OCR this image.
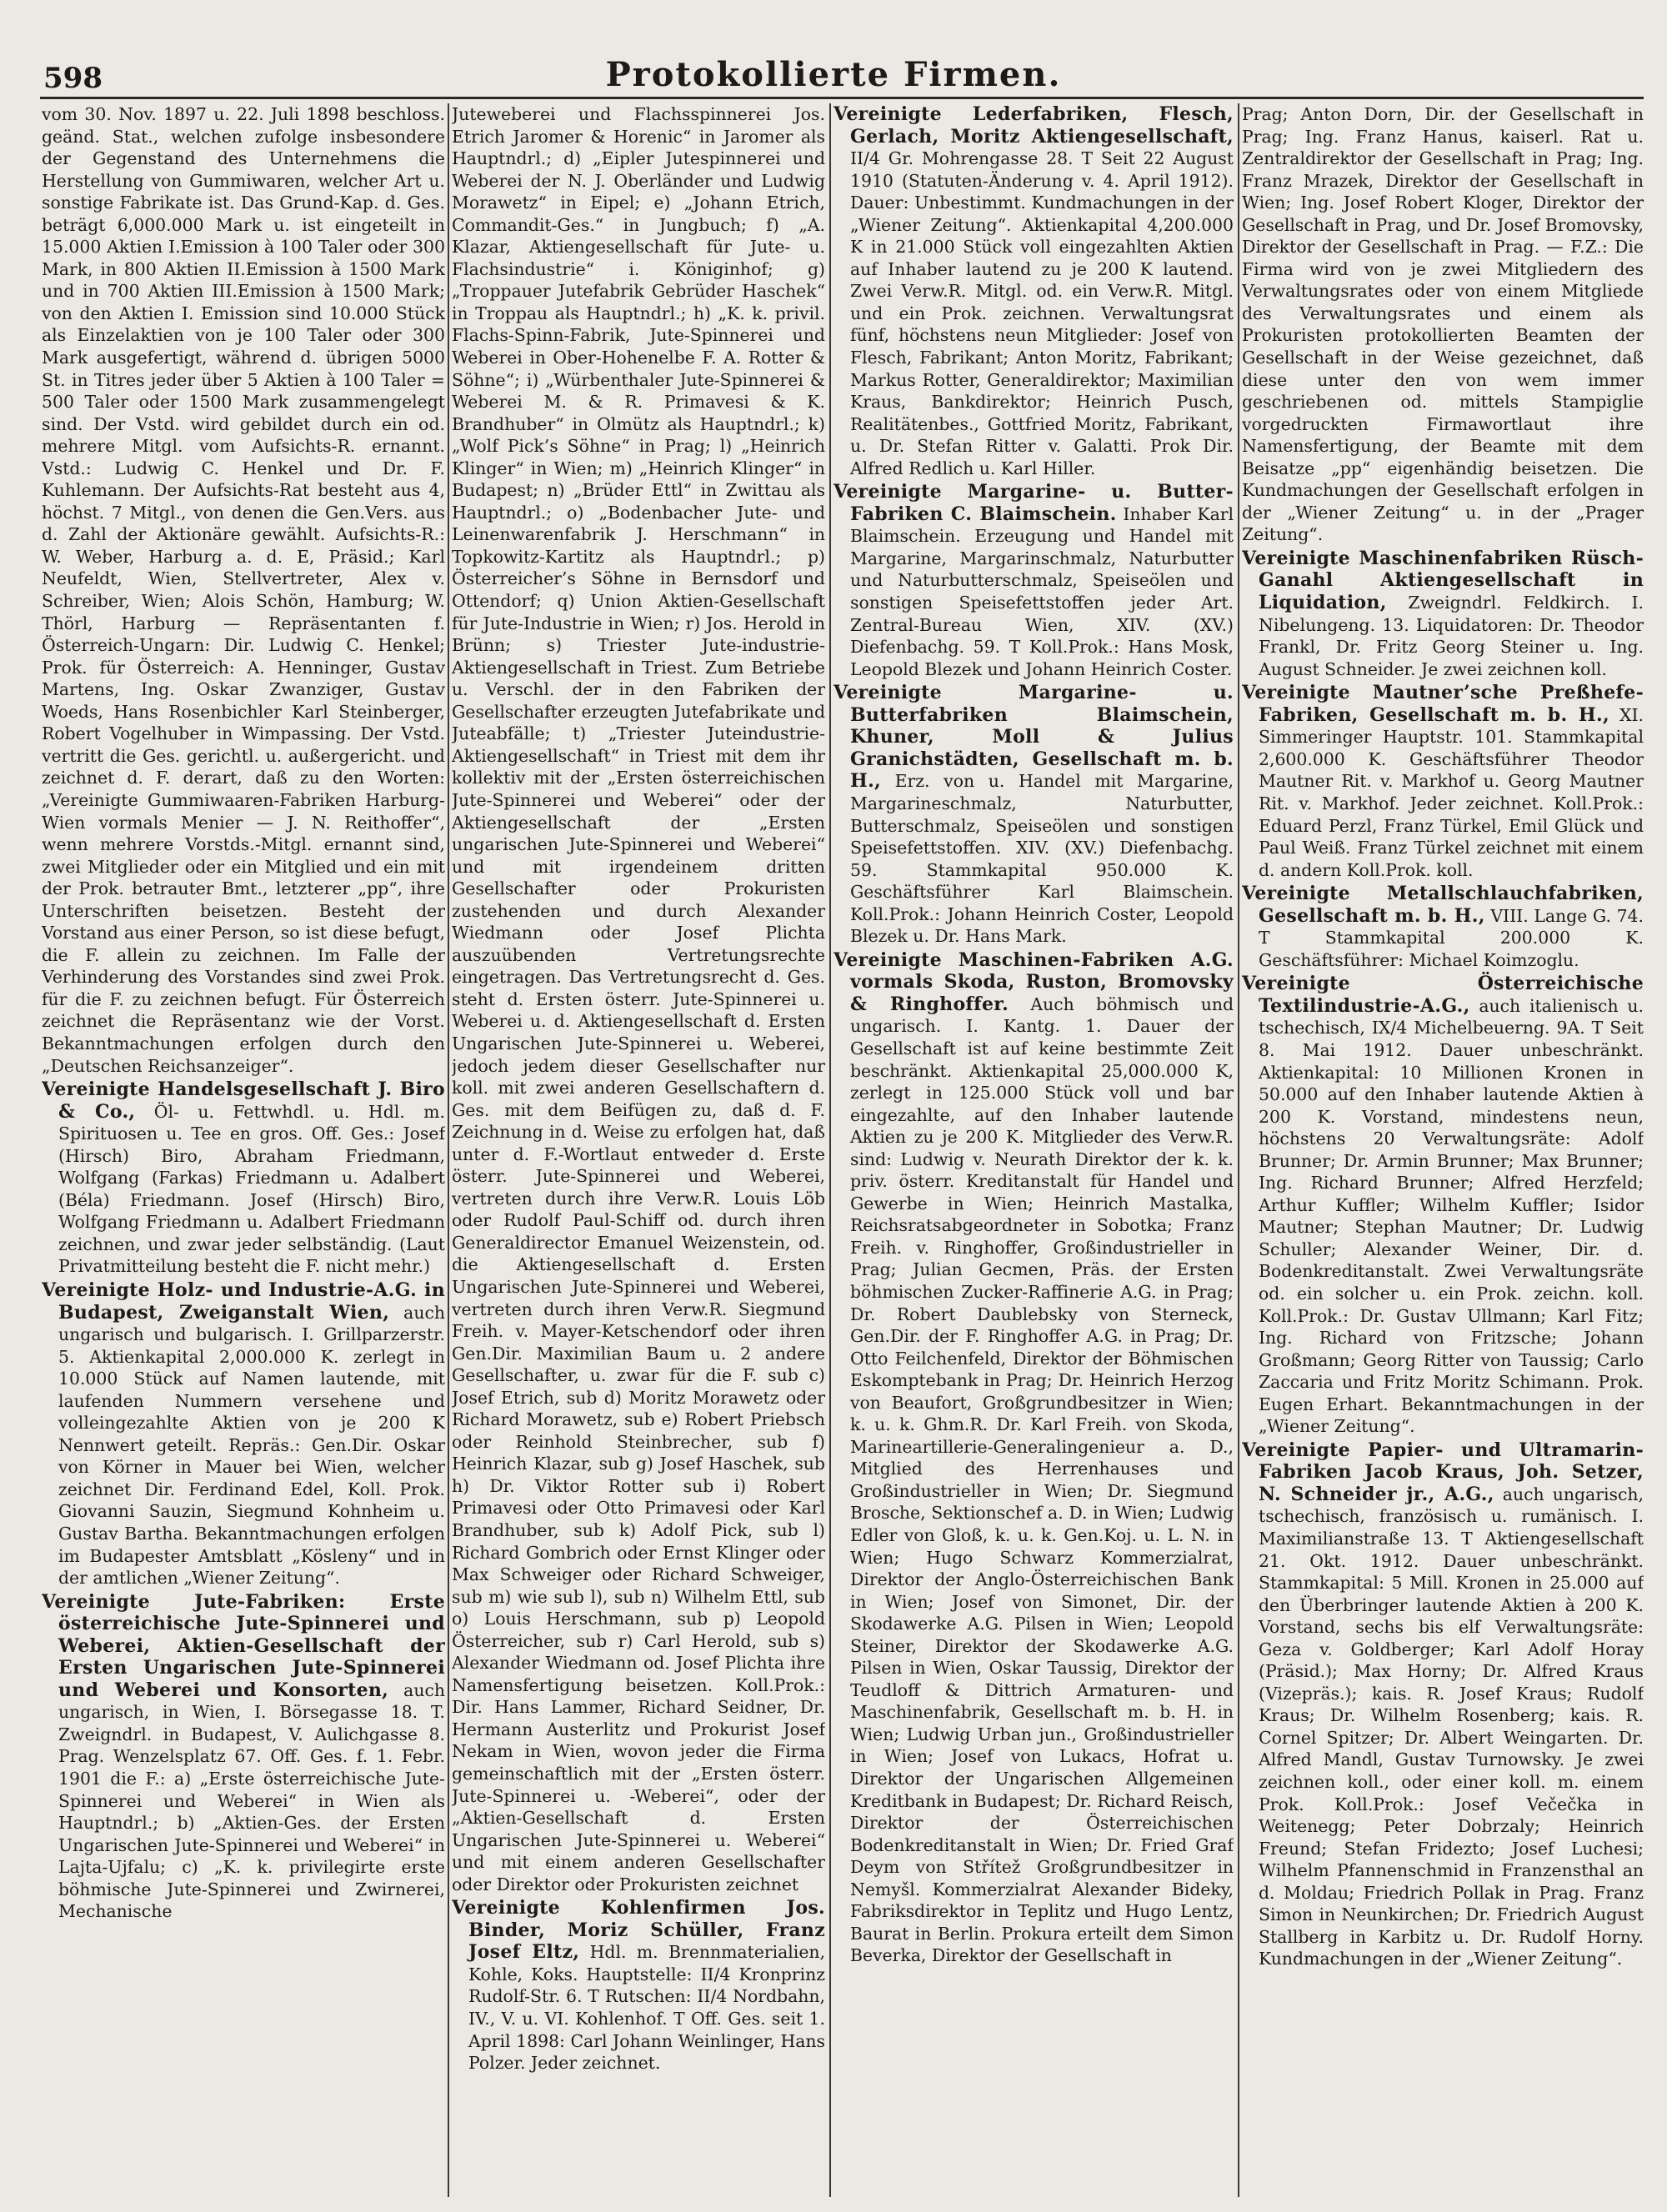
598	Protokollierte Firmen.

vom 30. Nov. 1897 u. 22. Juli 1898 beschloss. geänd. Stat., welchen zufolge insbesondere der Gegenstand des Unternehmens die Herstellung von Gummiwaren, welcher Art u. sonstige Fabrikate ist. Das Grund-Kap. d. Ges. beträgt 6,000.000 Mark u. ist eingeteilt in 15.000 Aktien I.Emission à 100 Taler oder 300 Mark, in 800 Aktien II.Emission à 1500 Mark und in 700 Aktien III.Emission à 1500 Mark; von den Aktien I. Emission sind 10.000 Stück als Einzelaktien von je 100 Taler oder 300 Mark ausgefertigt, während d. übrigen 5000 St. in Titres jeder über 5 Aktien à 100 Taler = 500 Taler oder 1500 Mark zusammengelegt sind. Der Vstd. wird gebildet durch ein od. mehrere Mitgl. vom Aufsichts-R. ernannt. Vstd.: Ludwig C. Henkel und Dr. F. Kuhlemann. Der Aufsichts-Rat besteht aus 4, höchst. 7 Mitgl., von denen die Gen.Vers. aus d. Zahl der Aktionäre gewählt. Aufsichts-R.: W. Weber, Harburg a. d. E, Präsid.; Karl Neufeldt, Wien, Stellvertreter, Alex v. Schreiber, Wien; Alois Schön, Hamburg; W. Thörl, Harburg — Repräsentanten f. Österreich-Ungarn: Dir. Ludwig C. Henkel; Prok. für Österreich: A. Henninger, Gustav Martens, Ing. Oskar Zwanziger, Gustav Woeds, Hans Rosenbichler Karl Steinberger, Robert Vogelhuber in Wimpassing. Der Vstd. vertritt die Ges. gerichtl. u. außergericht. und zeichnet d. F. derart, daß zu den Worten: „Vereinigte Gummiwaaren-Fabriken Harburg-Wien vormals Menier — J. N. Reithoffer“, wenn mehrere Vorstds.-Mitgl. ernannt sind, zwei Mitglieder oder ein Mitglied und ein mit der Prok. betrauter Bmt., letzterer „pp“, ihre Unterschriften beisetzen. Besteht der Vorstand aus einer Person, so ist diese befugt, die F. allein zu zeichnen. Im Falle der Verhinderung des Vorstandes sind zwei Prok. für die F. zu zeichnen befugt. Für Österreich zeichnet die Repräsentanz wie der Vorst. Bekanntmachungen erfolgen durch den „Deutschen Reichsanzeiger“.

Vereinigte Handelsgesellschaft J. Biro & Co., Öl- u. Fettwhdl. u. Hdl. m. Spirituosen u. Tee en gros. Off. Ges.: Josef (Hirsch) Biro, Abraham Friedmann, Wolfgang (Farkas) Friedmann u. Adalbert (Béla) Friedmann. Josef (Hirsch) Biro, Wolfgang Friedmann u. Adalbert Friedmann zeichnen, und zwar jeder selbständig. (Laut Privatmitteilung besteht die F. nicht mehr.)

Vereinigte Holz- und Industrie-A.G. in Budapest, Zweiganstalt Wien, auch ungarisch und bulgarisch. I. Grillparzerstr. 5. Aktienkapital 2,000.000 K. zerlegt in 10.000 Stück auf Namen lautende, mit laufenden Nummern versehene und volleingezahlte Aktien von je 200 K Nennwert geteilt. Repräs.: Gen.Dir. Oskar von Körner in Mauer bei Wien, welcher zeichnet Dir. Ferdinand Edel, Koll. Prok. Giovanni Sauzin, Siegmund Kohnheim u. Gustav Bartha. Bekanntmachungen erfolgen im Budapester Amtsblatt „Kösleny“ und in der amtlichen „Wiener Zeitung“.

Vereinigte Jute-Fabriken: Erste österreichische Jute-Spinnerei und Weberei, Aktien-Gesellschaft der Ersten Ungarischen Jute-Spinnerei und Weberei und Konsorten, auch ungarisch, in Wien, I. Börsegasse 18. T. Zweigndrl. in Budapest, V. Aulichgasse 8. Prag. Wenzelsplatz 67. Off. Ges. f. 1. Febr. 1901 die F.: a) „Erste österreichische Jute-Spinnerei und Weberei“ in Wien als Hauptndrl.; b) „Aktien-Ges. der Ersten Ungarischen Jute-Spinnerei und Weberei“ in Lajta-Ujfalu; c) „K. k. privilegirte erste böhmische Jute-Spinnerei und Zwirnerei, Mechanische

Juteweberei und Flachsspinnerei Jos. Etrich Jaromer & Horenic“ in Jaromer als Hauptndrl.; d) „Eipler Jutespinnerei und Weberei der N. J. Oberländer und Ludwig Morawetz“ in Eipel; e) „Johann Etrich, Commandit-Ges.“ in Jungbuch; f) „A. Klazar, Aktiengesellschaft für Jute- u. Flachsindustrie“ i. Königinhof; g) „Troppauer Jutefabrik Gebrüder Haschek“ in Troppau als Hauptndrl.; h) „K. k. privil. Flachs-Spinn-Fabrik, Jute-Spinnerei und Weberei in Ober-Hohenelbe F. A. Rotter & Söhne“; i) „Würbenthaler Jute-Spinnerei & Weberei M. & R. Primavesi & K. Brandhuber“ in Olmütz als Hauptndrl.; k) „Wolf Pick’s Söhne“ in Prag; l) „Heinrich Klinger“ in Wien; m) „Heinrich Klinger“ in Budapest; n) „Brüder Ettl“ in Zwittau als Hauptndrl.; o) „Bodenbacher Jute- und Leinenwarenfabrik J. Herschmann“ in Topkowitz-Kartitz als Hauptndrl.; p) Österreicher’s Söhne in Bernsdorf und Ottendorf; q) Union Aktien-Gesellschaft für Jute-Industrie in Wien; r) Jos. Herold in Brünn; s) Triester Jute-industrie-Aktiengesellschaft in Triest. Zum Betriebe u. Verschl. der in den Fabriken der Gesellschafter erzeugten Jutefabrikate und Juteabfälle; t) „Triester Juteindustrie-Aktiengesellschaft“ in Triest mit dem ihr kollektiv mit der „Ersten österreichischen Jute-Spinnerei und Weberei“ oder der Aktiengesellschaft der „Ersten ungarischen Jute-Spinnerei und Weberei“ und mit irgendeinem dritten Gesellschafter oder Prokuristen zustehenden und durch Alexander Wiedmann oder Josef Plichta auszuübenden Vertretungsrechte eingetragen. Das Vertretungsrecht d. Ges. steht d. Ersten österr. Jute-Spinnerei u. Weberei u. d. Aktiengesellschaft d. Ersten Ungarischen Jute-Spinnerei u. Weberei, jedoch jedem dieser Gesellschafter nur koll. mit zwei anderen Gesellschaftern d. Ges. mit dem Beifügen zu, daß d. F. Zeichnung in d. Weise zu erfolgen hat, daß unter d. F.-Wortlaut entweder d. Erste österr. Jute-Spinnerei und Weberei, vertreten durch ihre Verw.R. Louis Löb oder Rudolf Paul-Schiff od. durch ihren Generaldirector Emanuel Weizenstein, od. die Aktiengesellschaft d. Ersten Ungarischen Jute-Spinnerei und Weberei, vertreten durch ihren Verw.R. Siegmund Freih. v. Mayer-Ketschendorf oder ihren Gen.Dir. Maximilian Baum u. 2 andere Gesellschafter, u. zwar für die F. sub c) Josef Etrich, sub d) Moritz Morawetz oder Richard Morawetz, sub e) Robert Priebsch oder Reinhold Steinbrecher, sub f) Heinrich Klazar, sub g) Josef Haschek, sub h) Dr. Viktor Rotter sub i) Robert Primavesi oder Otto Primavesi oder Karl Brandhuber, sub k) Adolf Pick, sub l) Richard Gombrich oder Ernst Klinger oder Max Schweiger oder Richard Schweiger, sub m) wie sub l), sub n) Wilhelm Ettl, sub o) Louis Herschmann, sub p) Leopold Österreicher, sub r) Carl Herold, sub s) Alexander Wiedmann od. Josef Plichta ihre Namensfertigung beisetzen. Koll.Prok.: Dir. Hans Lammer, Richard Seidner, Dr. Hermann Austerlitz und Prokurist Josef Nekam in Wien, wovon jeder die Firma gemeinschaftlich mit der „Ersten österr. Jute-Spinnerei u. -Weberei“, oder der „Aktien-Gesellschaft d. Ersten Ungarischen Jute-Spinnerei u. Weberei“ und mit einem anderen Gesellschafter oder Direktor oder Prokuristen zeichnet

Vereinigte Kohlenfirmen Jos. Binder, Moriz Schüller, Franz Josef Eltz, Hdl. m. Brennmaterialien, Kohle, Koks. Hauptstelle: II/4 Kronprinz Rudolf-Str. 6. T Rutschen: II/4 Nordbahn, IV., V. u. VI. Kohlenhof. T Off. Ges. seit 1. April 1898: Carl Johann Weinlinger, Hans Polzer. Jeder zeichnet.

Vereinigte Lederfabriken, Flesch, Gerlach, Moritz Aktiengesellschaft, II/4 Gr. Mohrengasse 28. T Seit 22 August 1910 (Statuten-Änderung v. 4. April 1912). Dauer: Unbestimmt. Kundmachungen in der „Wiener Zeitung“. Aktienkapital 4,200.000 K in 21.000 Stück voll eingezahlten Aktien auf Inhaber lautend zu je 200 K lautend. Zwei Verw.R. Mitgl. od. ein Verw.R. Mitgl. und ein Prok. zeichnen. Verwaltungsrat fünf, höchstens neun Mitglieder: Josef von Flesch, Fabrikant; Anton Moritz, Fabrikant; Markus Rotter, Generaldirektor; Maximilian Kraus, Bankdirektor; Heinrich Pusch, Realitätenbes., Gottfried Moritz, Fabrikant, u. Dr. Stefan Ritter v. Galatti. Prok Dir. Alfred Redlich u. Karl Hiller.

Vereinigte Margarine- u. Butter-Fabriken C. Blaimschein. Inhaber Karl Blaimschein. Erzeugung und Handel mit Margarine, Margarinschmalz, Naturbutter und Naturbutterschmalz, Speiseölen und sonstigen Speisefettstoffen jeder Art. Zentral-Bureau Wien, XIV. (XV.) Diefenbachg. 59. T Koll.Prok.: Hans Mosk, Leopold Blezek und Johann Heinrich Coster.

Vereinigte Margarine- u. Butterfabriken Blaimschein, Khuner, Moll & Julius Granichstädten, Gesellschaft m. b. H., Erz. von u. Handel mit Margarine, Margarineschmalz, Naturbutter, Butterschmalz, Speiseölen und sonstigen Speisefettstoffen. XIV. (XV.) Diefenbachg. 59. Stammkapital 950.000 K. Geschäftsführer Karl Blaimschein. Koll.Prok.: Johann Heinrich Coster, Leopold Blezek u. Dr. Hans Mark.

Vereinigte Maschinen-Fabriken A.G. vormals Skoda, Ruston, Bromovsky & Ringhoffer. Auch böhmisch und ungarisch. I. Kantg. 1. Dauer der Gesellschaft ist auf keine bestimmte Zeit beschränkt. Aktienkapital 25,000.000 K, zerlegt in 125.000 Stück voll und bar eingezahlte, auf den Inhaber lautende Aktien zu je 200 K. Mitglieder des Verw.R. sind: Ludwig v. Neurath Direktor der k. k. priv. österr. Kreditanstalt für Handel und Gewerbe in Wien; Heinrich Mastalka, Reichsratsabgeordneter in Sobotka; Franz Freih. v. Ringhoffer, Großindustrieller in Prag; Julian Gecmen, Präs. der Ersten böhmischen Zucker-Raffinerie A.G. in Prag; Dr. Robert Daublebsky von Sterneck, Gen.Dir. der F. Ringhoffer A.G. in Prag; Dr. Otto Feilchenfeld, Direktor der Böhmischen Eskomptebank in Prag; Dr. Heinrich Herzog von Beaufort, Großgrundbesitzer in Wien; k. u. k. Ghm.R. Dr. Karl Freih. von Skoda, Marineartillerie-Generalingenieur a. D., Mitglied des Herrenhauses und Großindustrieller in Wien; Dr. Siegmund Brosche, Sektionschef a. D. in Wien; Ludwig Edler von Gloß, k. u. k. Gen.Koj. u. L. N. in Wien; Hugo Schwarz Kommerzialrat, Direktor der Anglo-Österreichischen Bank in Wien; Josef von Simonet, Dir. der Skodawerke A.G. Pilsen in Wien; Leopold Steiner, Direktor der Skodawerke A.G. Pilsen in Wien, Oskar Taussig, Direktor der Teudloff & Dittrich Armaturen- und Maschinenfabrik, Gesellschaft m. b. H. in Wien; Ludwig Urban jun., Großindustrieller in Wien; Josef von Lukacs, Hofrat u. Direktor der Ungarischen Allgemeinen Kreditbank in Budapest; Dr. Richard Reisch, Direktor der Österreichischen Bodenkreditanstalt in Wien; Dr. Fried Graf Deym von Střítež Großgrundbesitzer in Nemyšl. Kommerzialrat Alexander Bideky, Fabriksdirektor in Teplitz und Hugo Lentz, Baurat in Berlin. Prokura erteilt dem Simon Beverka, Direktor der Gesellschaft in

Prag; Anton Dorn, Dir. der Gesellschaft in Prag; Ing. Franz Hanus, kaiserl. Rat u. Zentraldirektor der Gesellschaft in Prag; Ing. Franz Mrazek, Direktor der Gesellschaft in Wien; Ing. Josef Robert Kloger, Direktor der Gesellschaft in Prag, und Dr. Josef Bromovsky, Direktor der Gesellschaft in Prag. — F.Z.: Die Firma wird von je zwei Mitgliedern des Verwaltungsrates oder von einem Mitgliede des Verwaltungsrates und einem als Prokuristen protokollierten Beamten der Gesellschaft in der Weise gezeichnet, daß diese unter den von wem immer geschriebenen od. mittels Stampiglie vorgedruckten Firmawortlaut ihre Namensfertigung, der Beamte mit dem Beisatze „pp“ eigenhändig beisetzen. Die Kundmachungen der Gesellschaft erfolgen in der „Wiener Zeitung“ u. in der „Prager Zeitung“.

Vereinigte Maschinenfabriken Rüsch-Ganahl Aktiengesellschaft in Liquidation, Zweigndrl. Feldkirch. I. Nibelungeng. 13. Liquidatoren: Dr. Theodor Frankl, Dr. Fritz Georg Steiner u. Ing. August Schneider. Je zwei zeichnen koll.

Vereinigte Mautner’sche Preßhefe-Fabriken, Gesellschaft m. b. H., XI. Simmeringer Hauptstr. 101. Stammkapital 2,600.000 K. Geschäftsführer Theodor Mautner Rit. v. Markhof u. Georg Mautner Rit. v. Markhof. Jeder zeichnet. Koll.Prok.: Eduard Perzl, Franz Türkel, Emil Glück und Paul Weiß. Franz Türkel zeichnet mit einem d. andern Koll.Prok. koll.

Vereinigte Metallschlauchfabriken, Gesellschaft m. b. H., VIII. Lange G. 74. T Stammkapital 200.000 K. Geschäftsführer: Michael Koimzoglu.

Vereinigte Österreichische Textilindustrie-A.G., auch italienisch u. tschechisch, IX/4 Michelbeuerng. 9A. T Seit 8. Mai 1912. Dauer unbeschränkt. Aktienkapital: 10 Millionen Kronen in 50.000 auf den Inhaber lautende Aktien à 200 K. Vorstand, mindestens neun, höchstens 20 Verwaltungsräte: Adolf Brunner; Dr. Armin Brunner; Max Brunner; Ing. Richard Brunner; Alfred Herzfeld; Arthur Kuffler; Wilhelm Kuffler; Isidor Mautner; Stephan Mautner; Dr. Ludwig Schuller; Alexander Weiner, Dir. d. Bodenkreditanstalt. Zwei Verwaltungsräte od. ein solcher u. ein Prok. zeichn. koll. Koll.Prok.: Dr. Gustav Ullmann; Karl Fitz; Ing. Richard von Fritzsche; Johann Großmann; Georg Ritter von Taussig; Carlo Zaccaria und Fritz Moritz Schimann. Prok. Eugen Erhart. Bekanntmachungen in der „Wiener Zeitung“.

Vereinigte Papier- und Ultramarin-Fabriken Jacob Kraus, Joh. Setzer, N. Schneider jr., A.G., auch ungarisch, tschechisch, französisch u. rumänisch. I. Maximilianstraße 13. T Aktiengesellschaft 21. Okt. 1912. Dauer unbeschränkt. Stammkapital: 5 Mill. Kronen in 25.000 auf den Überbringer lautende Aktien à 200 K. Vorstand, sechs bis elf Verwaltungsräte: Geza v. Goldberger; Karl Adolf Horay (Präsid.); Max Horny; Dr. Alfred Kraus (Vizepräs.); kais. R. Josef Kraus; Rudolf Kraus; Dr. Wilhelm Rosenberg; kais. R. Cornel Spitzer; Dr. Albert Weingarten. Dr. Alfred Mandl, Gustav Turnowsky. Je zwei zeichnen koll., oder einer koll. m. einem Prok. Koll.Prok.: Josef Večečka in Weitenegg; Peter Dobrzaly; Heinrich Freund; Stefan Fridezto; Josef Luchesi; Wilhelm Pfannenschmid in Franzensthal an d. Moldau; Friedrich Pollak in Prag. Franz Simon in Neunkirchen; Dr. Friedrich August Stallberg in Karbitz u. Dr. Rudolf Horny. Kundmachungen in der „Wiener Zeitung“.
